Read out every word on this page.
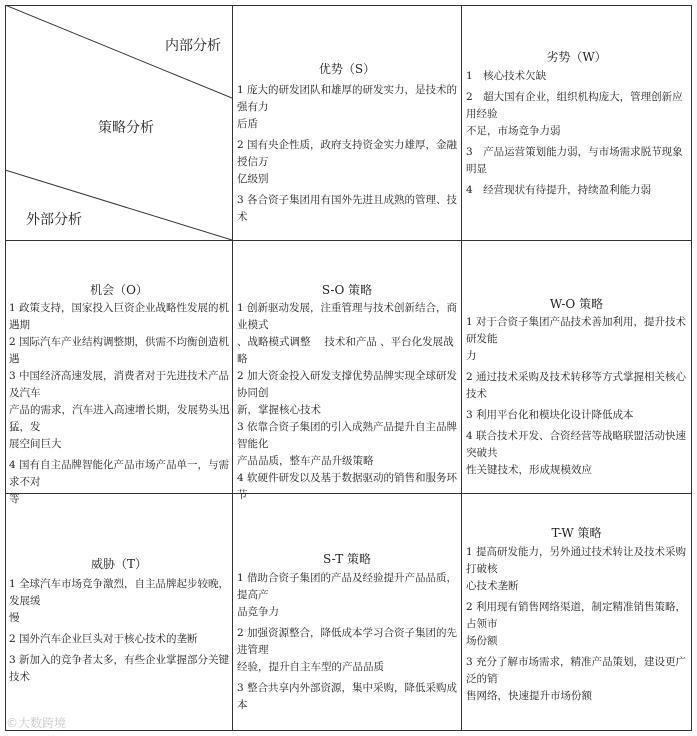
内部分析
策略分析
外部分析
优势（S）
1 庞大的研发团队和雄厚的研发实力，是技术的强有力
后盾
2 国有央企性质，政府支持资金实力雄厚，金融授信万
亿级别
3 各合资子集团用有国外先进且成熟的管理、技术
劣势（W）
1　核心技术欠缺
2　超大国有企业，组织机构庞大，管理创新应用经验
不足，市场竞争力弱
3　产品运营策划能力弱，与市场需求脱节现象明显
4　经营现状有待提升，持续盈利能力弱
机会（O）
1 政策支持，国家投入巨资企业战略性发展的机遇期
2 国际汽车产业结构调整期，供需不均衡创造机遇
3 中国经济高速发展，消费者对于先进技术产品及汽车
产品的需求，汽车进入高速增长期，发展势头迅猛，发
展空间巨大
4 国有自主品牌智能化产品市场产品单一，与需求不对
等
S-O 策略
1 创新驱动发展，注重管理与技术创新结合，商业模式
、战略模式调整　 技术和产品 、平台化发展战略
2 加大资金投入研发支撑优势品牌实现全球研发协同创
新，掌握核心技术
3 依靠合资子集团的引入成熟产品提升自主品牌智能化
产品品质，整车产品升级策略
4 软硬件研发以及基于数据驱动的销售和服务环节
W-O 策略
1 对于合资子集团产品技术善加利用，提升技术研发能
力
2 通过技术采购及技术转移等方式掌握相关核心技术
3 利用平台化和模块化设计降低成本
4 联合技术开发、合资经营等战略联盟活动快速突破共
性关键技术，形成规模效应
威胁（T）
1 全球汽车市场竞争激烈，自主品牌起步较晚，发展缓
慢
2 国外汽车企业巨头对于核心技术的垄断
3 新加入的竞争者太多，有些企业掌握部分关键技术
S-T 策略
1 借助合资子集团的产品及经验提升产品品质，提高产
品竞争力
2 加强资源整合，降低成本学习合资子集团的先进管理
经验，提升自主车型的产品品质
3 整合共享内外部资源，集中采购，降低采购成本
T-W 策略
1 提高研发能力，另外通过技术转让及技术采购打破核
心技术垄断
2 利用现有销售网络渠道，制定精准销售策略，占领市
场份额
3 充分了解市场需求，精准产品策划，建设更广泛的销
售网络，快速提升市场份额
©大数跨境
